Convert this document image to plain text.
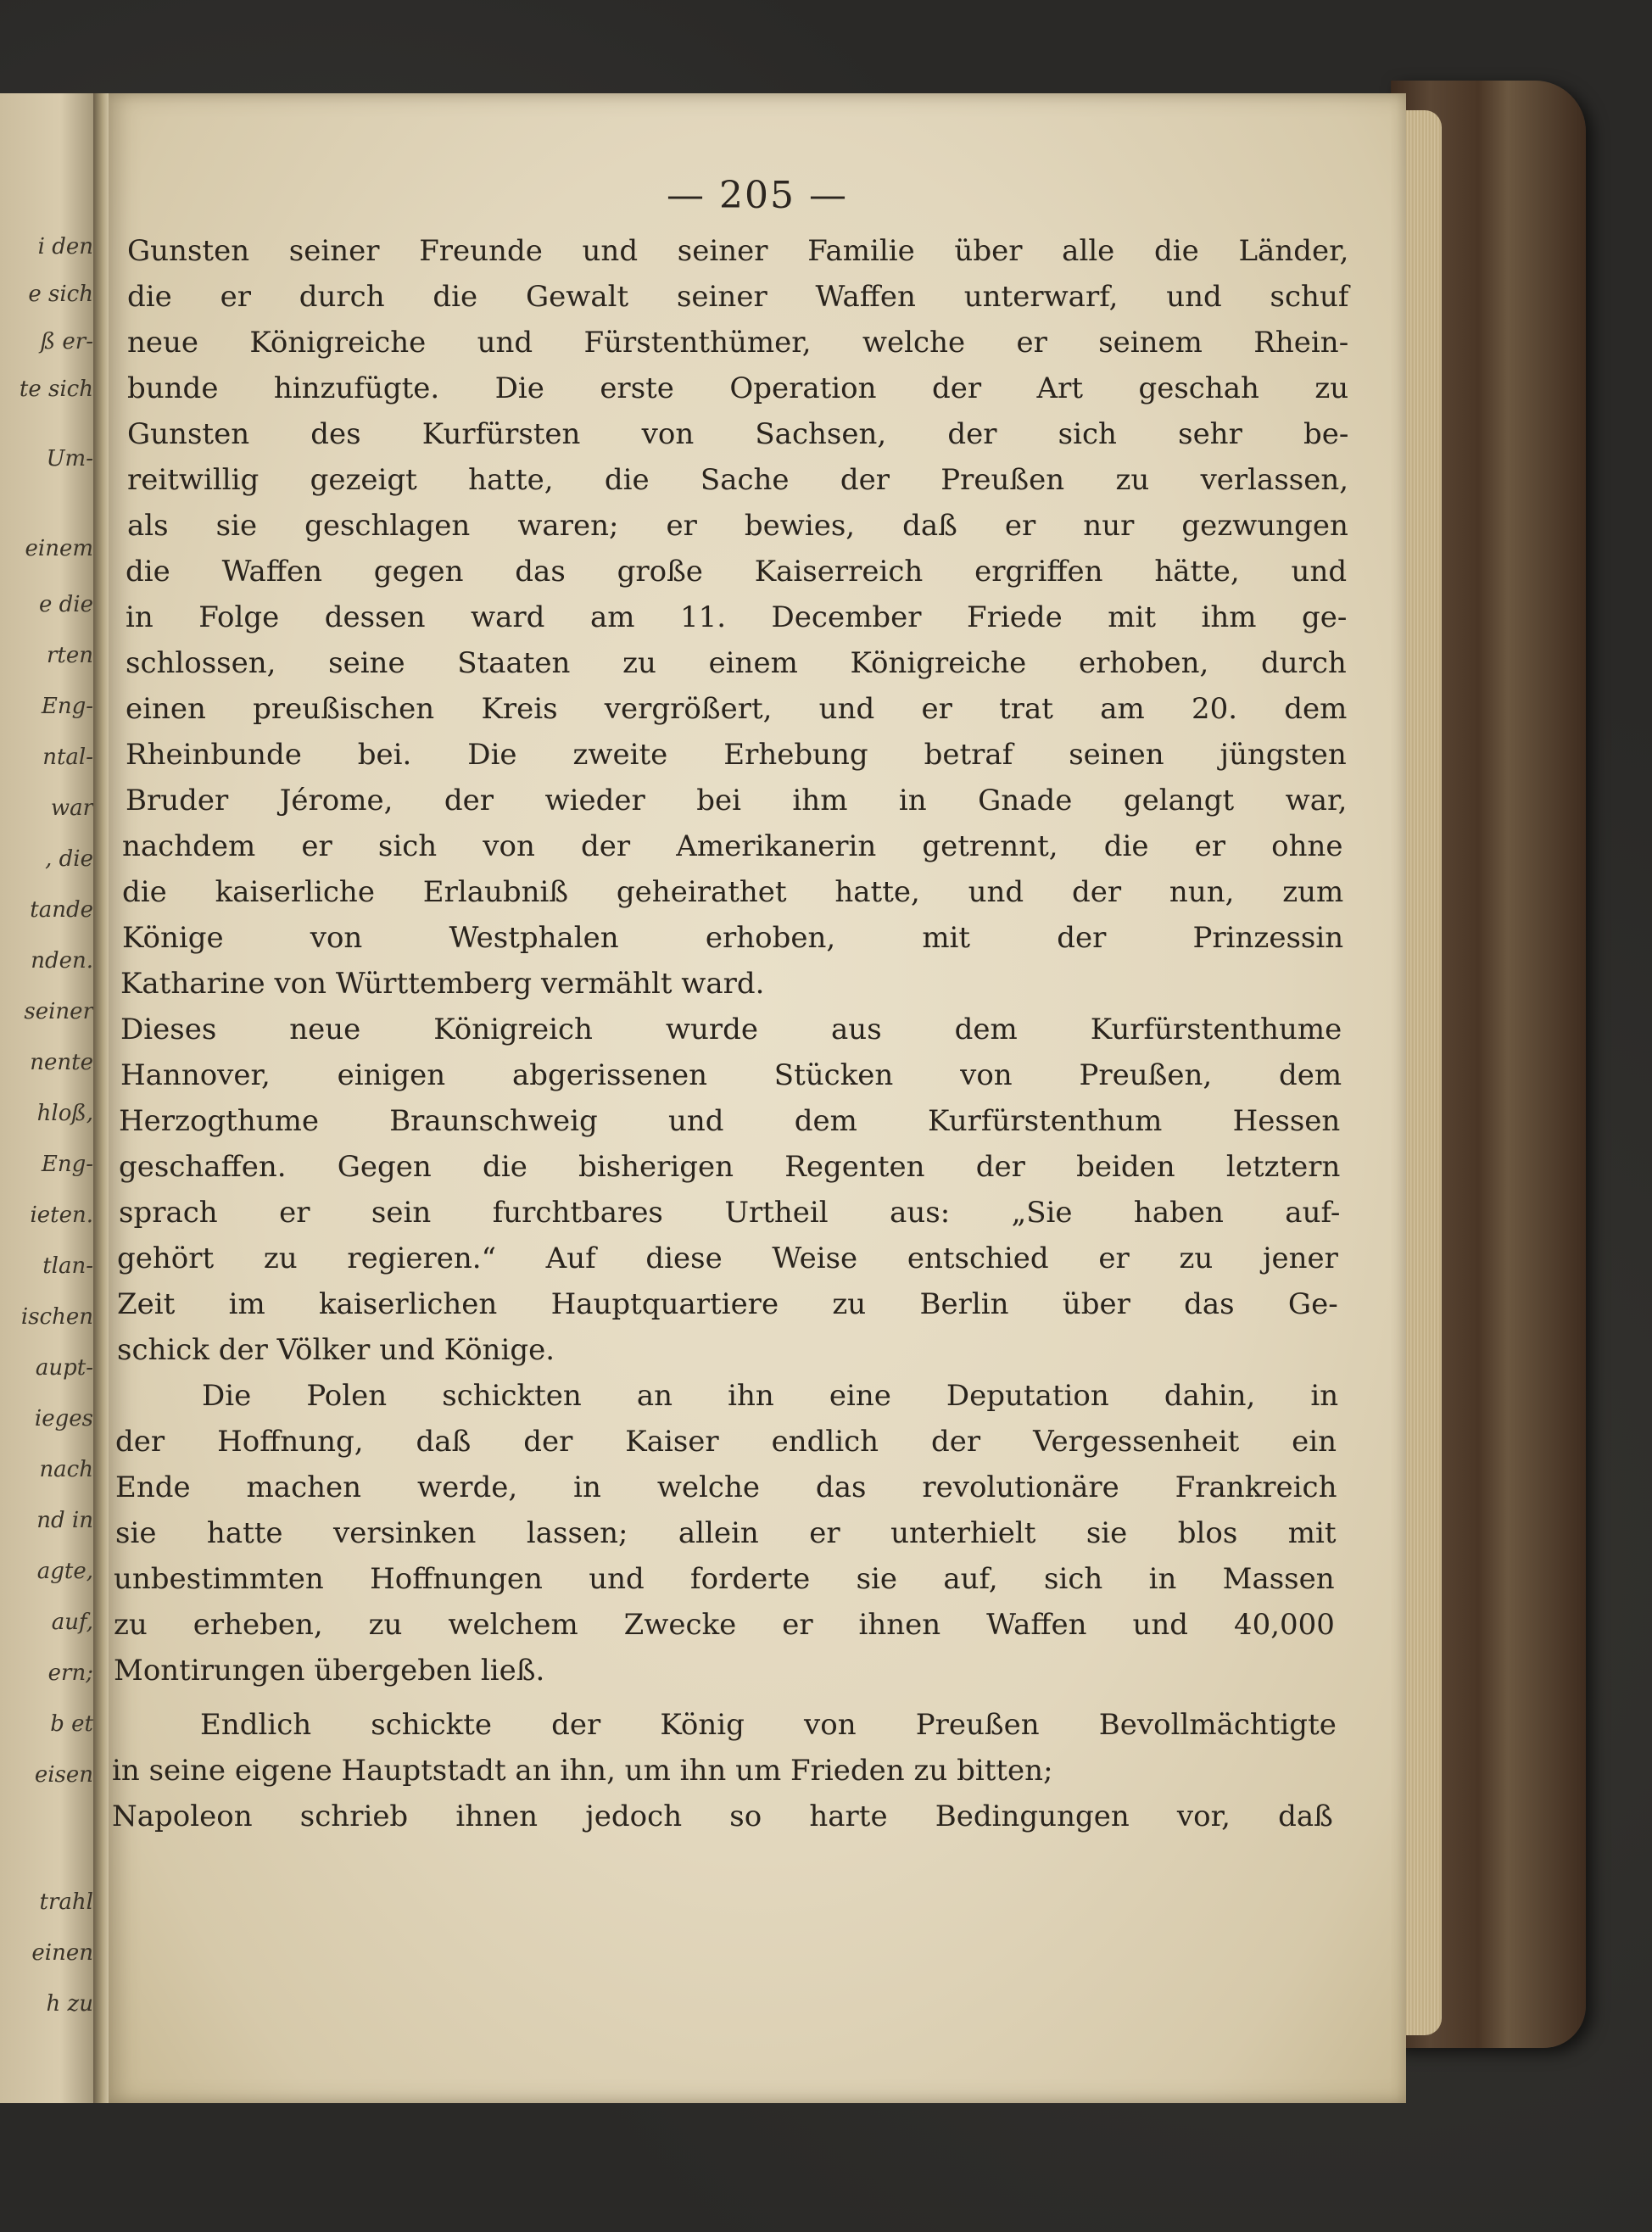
i den
e sich
ß er-
te sich
Um-
einem
e die
rten
Eng-
ntal-
war
, die
tande
nden.
seiner
nente
hloß,
Eng-
ieten.
tlan-
ischen
aupt-
ieges
nach
nd in
agte,
auf,
ern;
b et
eisen
trahl
einen
h zu
— 205 —
Gunsten seiner Freunde und seiner Familie über alle die Länder,
die er durch die Gewalt seiner Waffen unterwarf, und schuf
neue Königreiche und Fürstenthümer, welche er seinem Rhein-
bunde hinzufügte. Die erste Operation der Art geschah zu
Gunsten des Kurfürsten von Sachsen, der sich sehr be-
reitwillig gezeigt hatte, die Sache der Preußen zu verlassen,
als sie geschlagen waren; er bewies, daß er nur gezwungen
die Waffen gegen das große Kaiserreich ergriffen hätte, und
in Folge dessen ward am 11. December Friede mit ihm ge-
schlossen, seine Staaten zu einem Königreiche erhoben, durch
einen preußischen Kreis vergrößert, und er trat am 20. dem
Rheinbunde bei. Die zweite Erhebung betraf seinen jüngsten
Bruder Jérome, der wieder bei ihm in Gnade gelangt war,
nachdem er sich von der Amerikanerin getrennt, die er ohne
die kaiserliche Erlaubniß geheirathet hatte, und der nun, zum
Könige von Westphalen erhoben, mit der Prinzessin
Katharine von Württemberg vermählt ward.
Dieses neue Königreich wurde aus dem Kurfürstenthume
Hannover, einigen abgerissenen Stücken von Preußen, dem
Herzogthume Braunschweig und dem Kurfürstenthum Hessen
geschaffen. Gegen die bisherigen Regenten der beiden letztern
sprach er sein furchtbares Urtheil aus: „Sie haben auf-
gehört zu regieren.“ Auf diese Weise entschied er zu jener
Zeit im kaiserlichen Hauptquartiere zu Berlin über das Ge-
schick der Völker und Könige.
Die Polen schickten an ihn eine Deputation dahin, in
der Hoffnung, daß der Kaiser endlich der Vergessenheit ein
Ende machen werde, in welche das revolutionäre Frankreich
sie hatte versinken lassen; allein er unterhielt sie blos mit
unbestimmten Hoffnungen und forderte sie auf, sich in Massen
zu erheben, zu welchem Zwecke er ihnen Waffen und 40,000
Montirungen übergeben ließ.
Endlich schickte der König von Preußen Bevollmächtigte
in seine eigene Hauptstadt an ihn, um ihn um Frieden zu bitten;
Napoleon schrieb ihnen jedoch so harte Bedingungen vor, daß
